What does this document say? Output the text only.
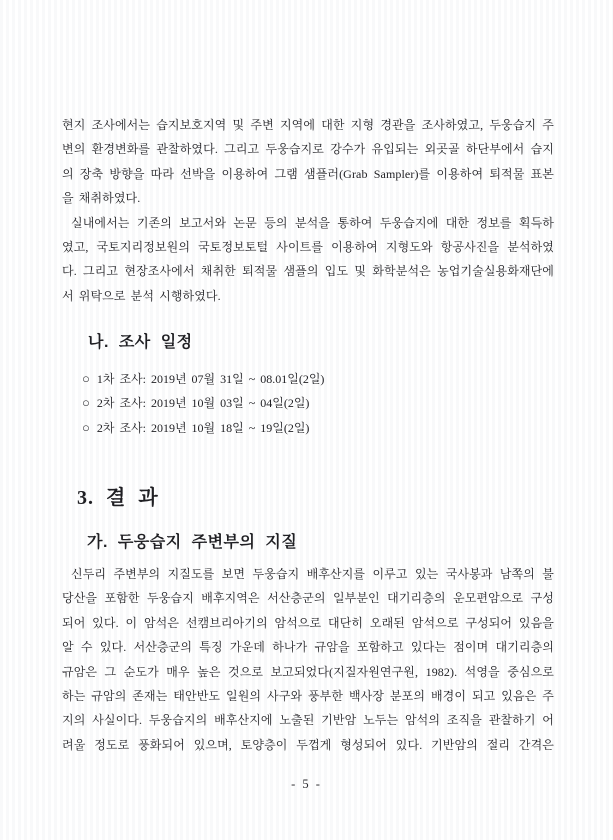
현지 조사에서는 습지보호지역 및 주변 지역에 대한 지형 경관을 조사하였고, 두웅습지 주
변의 환경변화를 관찰하였다. 그리고 두웅습지로 강수가 유입되는 외곳골 하단부에서 습지
의 장축 방향을 따라 선박을 이용하여 그램 샘플러(Grab Sampler)를 이용하여 퇴적물 표본
을 채취하였다.
실내에서는 기존의 보고서와 논문 등의 분석을 통하여 두웅습지에 대한 정보를 획득하
였고, 국토지리정보원의 국토정보토털 사이트를 이용하여 지형도와 항공사진을 분석하였
다. 그리고 현장조사에서 채취한 퇴적물 샘플의 입도 및 화학분석은 농업기술실용화재단에
서 위탁으로 분석 시행하였다.
나. 조사 일정
○ 1차 조사: 2019년 07월 31일 ~ 08.01일(2일)
○ 2차 조사: 2019년 10월 03일 ~ 04일(2일)
○ 2차 조사: 2019년 10월 18일 ~ 19일(2일)
3. 결 과
가. 두웅습지 주변부의 지질
신두리 주변부의 지질도를 보면 두웅습지 배후산지를 이루고 있는 국사봉과 남쪽의 불
당산을 포함한 두웅습지 배후지역은 서산층군의 일부분인 대기리층의 운모편암으로 구성
되어 있다. 이 암석은 선캠브리아기의 암석으로 대단히 오래된 암석으로 구성되어 있음을
알 수 있다. 서산층군의 특징 가운데 하나가 규암을 포함하고 있다는 점이며 대기리층의
규암은 그 순도가 매우 높은 것으로 보고되었다(지질자원연구원, 1982). 석영을 중심으로
하는 규암의 존재는 태안반도 일원의 사구와 풍부한 백사장 분포의 배경이 되고 있음은 주
지의 사실이다. 두웅습지의 배후산지에 노출된 기반암 노두는 암석의 조직을 관찰하기 어
려울 정도로 풍화되어 있으며, 토양층이 두껍게 형성되어 있다. 기반암의 절리 간격은
- 5 -
